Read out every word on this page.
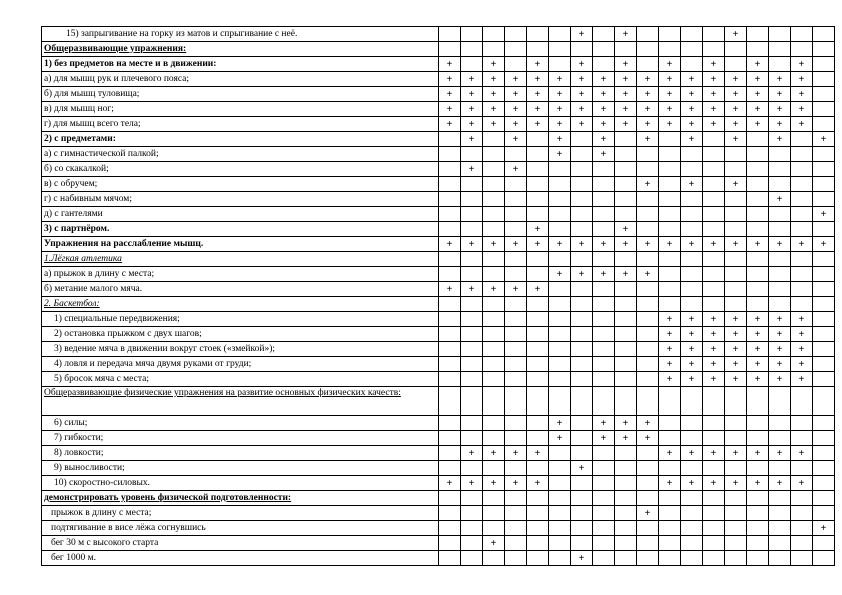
15) запрыгивание на горку из матов и спрыгивание с неё.							+		+					+				
Общеразвивающие упражнения:																		
1) без предметов на месте и в движении:	+		+		+		+		+		+		+		+		+	
а) для мышц рук и плечевого пояса;	+	+	+	+	+	+	+	+	+	+	+	+	+	+	+	+	+	
б) для мышц туловища;	+	+	+	+	+	+	+	+	+	+	+	+	+	+	+	+	+	
в) для мышц ног;	+	+	+	+	+	+	+	+	+	+	+	+	+	+	+	+	+	
г) для мышц всего тела;	+	+	+	+	+	+	+	+	+	+	+	+	+	+	+	+	+	
2) с предметами:		+		+		+		+		+		+		+		+		+
а) с гимнастической палкой;						+		+										
б) со скакалкой;		+		+														
в) с обручем;										+		+		+				
г) с набивным мячом;																+		
д) с гантелями																		+
3) с партнёром.					+				+									
Упражнения на расслабление мышц.	+	+	+	+	+	+	+	+	+	+	+	+	+	+	+	+	+	+
1.Лёгкая атлетика																		
а) прыжок в длину с места;						+	+	+	+	+								
б) метание малого мяча.	+	+	+	+	+													
2. Баскетбол:																		
1) специальные передвижения;											+	+	+	+	+	+	+	
2) остановка прыжком с двух шагов;											+	+	+	+	+	+	+	
3) ведение мяча в движении вокруг стоек («змейкой»);											+	+	+	+	+	+	+	
4) ловля и передача мяча двумя руками от груди;											+	+	+	+	+	+	+	
5) бросок мяча с места;											+	+	+	+	+	+	+	
Общеразвивающие физические упражнения на развитие основных физических качеств:																		
6) силы;						+		+	+	+								
7) гибкости;						+		+	+	+								
8) ловкости;		+	+	+	+						+	+	+	+	+	+	+	
9) выносливости;							+											
10) скоростно-силовых.	+	+	+	+	+						+	+	+	+	+	+	+	
демонстрировать уровень физической подготовленности:																		
прыжок в длину с места;										+								
подтягивание в висе лёжа согнувшись																		+
бег 30 м с высокого старта			+															
бег 1000 м.							+											
